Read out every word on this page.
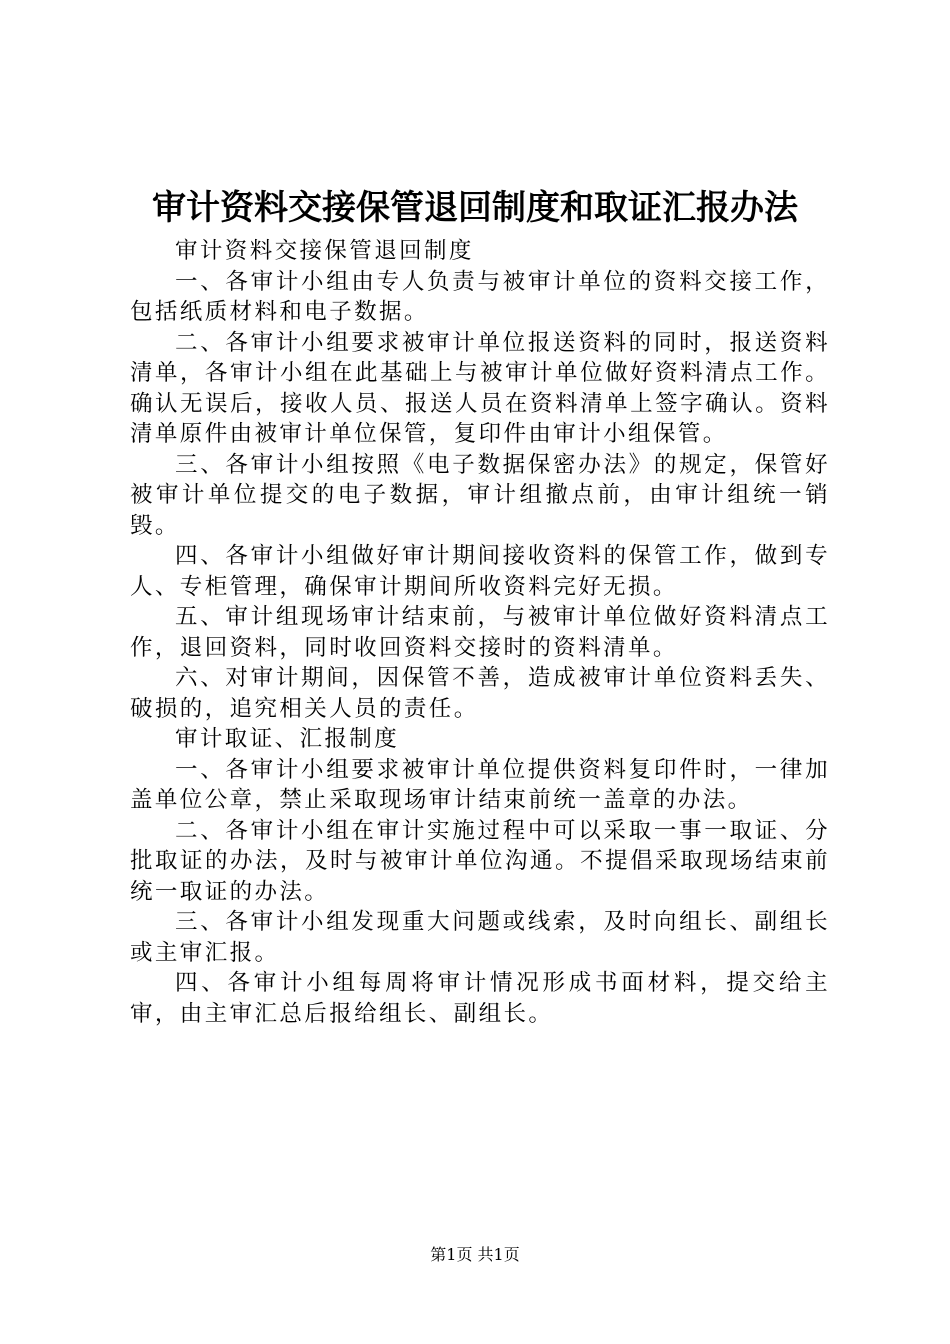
审计资料交接保管退回制度和取证汇报办法

审计资料交接保管退回制度

一、各审计小组由专人负责与被审计单位的资料交接工作，包括纸质材料和电子数据。

二、各审计小组要求被审计单位报送资料的同时，报送资料清单，各审计小组在此基础上与被审计单位做好资料清点工作。确认无误后，接收人员、报送人员在资料清单上签字确认。资料清单原件由被审计单位保管，复印件由审计小组保管。

三、各审计小组按照《电子数据保密办法》的规定，保管好被审计单位提交的电子数据，审计组撤点前，由审计组统一销毁。

四、各审计小组做好审计期间接收资料的保管工作，做到专人、专柜管理，确保审计期间所收资料完好无损。

五、审计组现场审计结束前，与被审计单位做好资料清点工作，退回资料，同时收回资料交接时的资料清单。

六、对审计期间，因保管不善，造成被审计单位资料丢失、破损的，追究相关人员的责任。

审计取证、汇报制度

一、各审计小组要求被审计单位提供资料复印件时，一律加盖单位公章，禁止采取现场审计结束前统一盖章的办法。

二、各审计小组在审计实施过程中可以采取一事一取证、分批取证的办法，及时与被审计单位沟通。不提倡采取现场结束前统一取证的办法。

三、各审计小组发现重大问题或线索，及时向组长、副组长或主审汇报。

四、各审计小组每周将审计情况形成书面材料，提交给主审，由主审汇总后报给组长、副组长。

第1页 共1页
